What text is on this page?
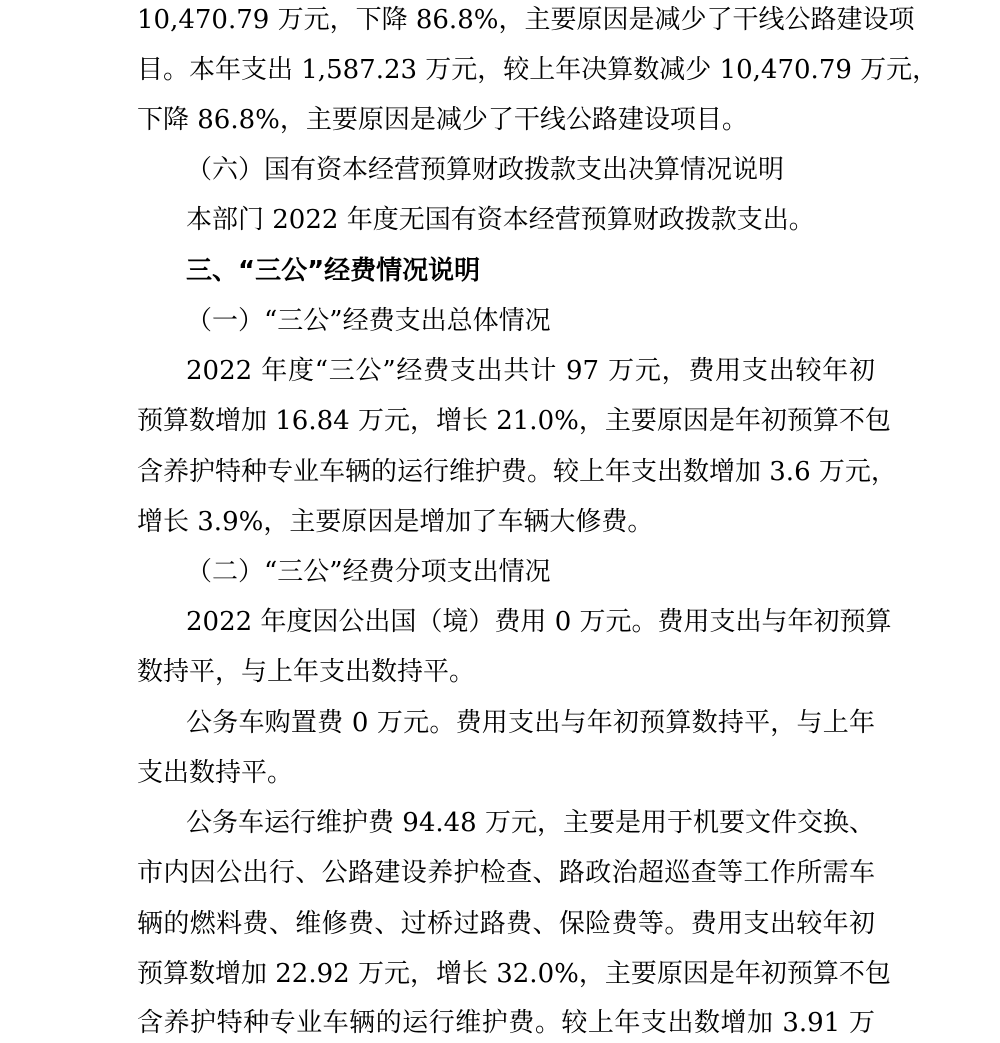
10,470.79 万元，下降 86.8%，主要原因是减少了干线公路建设项
目。本年支出 1,587.23 万元，较上年决算数减少 10,470.79 万元，
下降 86.8%，主要原因是减少了干线公路建设项目。
（六）国有资本经营预算财政拨款支出决算情况说明
本部门 2022 年度无国有资本经营预算财政拨款支出。
三、“三公”经费情况说明
（一）“三公”经费支出总体情况
2022 年度“三公”经费支出共计 97 万元，费用支出较年初
预算数增加 16.84 万元，增长 21.0%，主要原因是年初预算不包
含养护特种专业车辆的运行维护费。较上年支出数增加 3.6 万元，
增长 3.9%，主要原因是增加了车辆大修费。
（二）“三公”经费分项支出情况
2022 年度因公出国（境）费用 0 万元。费用支出与年初预算
数持平，与上年支出数持平。
公务车购置费 0 万元。费用支出与年初预算数持平，与上年
支出数持平。
公务车运行维护费 94.48 万元，主要是用于机要文件交换、
市内因公出行、公路建设养护检查、路政治超巡查等工作所需车
辆的燃料费、维修费、过桥过路费、保险费等。费用支出较年初
预算数增加 22.92 万元，增长 32.0%，主要原因是年初预算不包
含养护特种专业车辆的运行维护费。较上年支出数增加 3.91 万
